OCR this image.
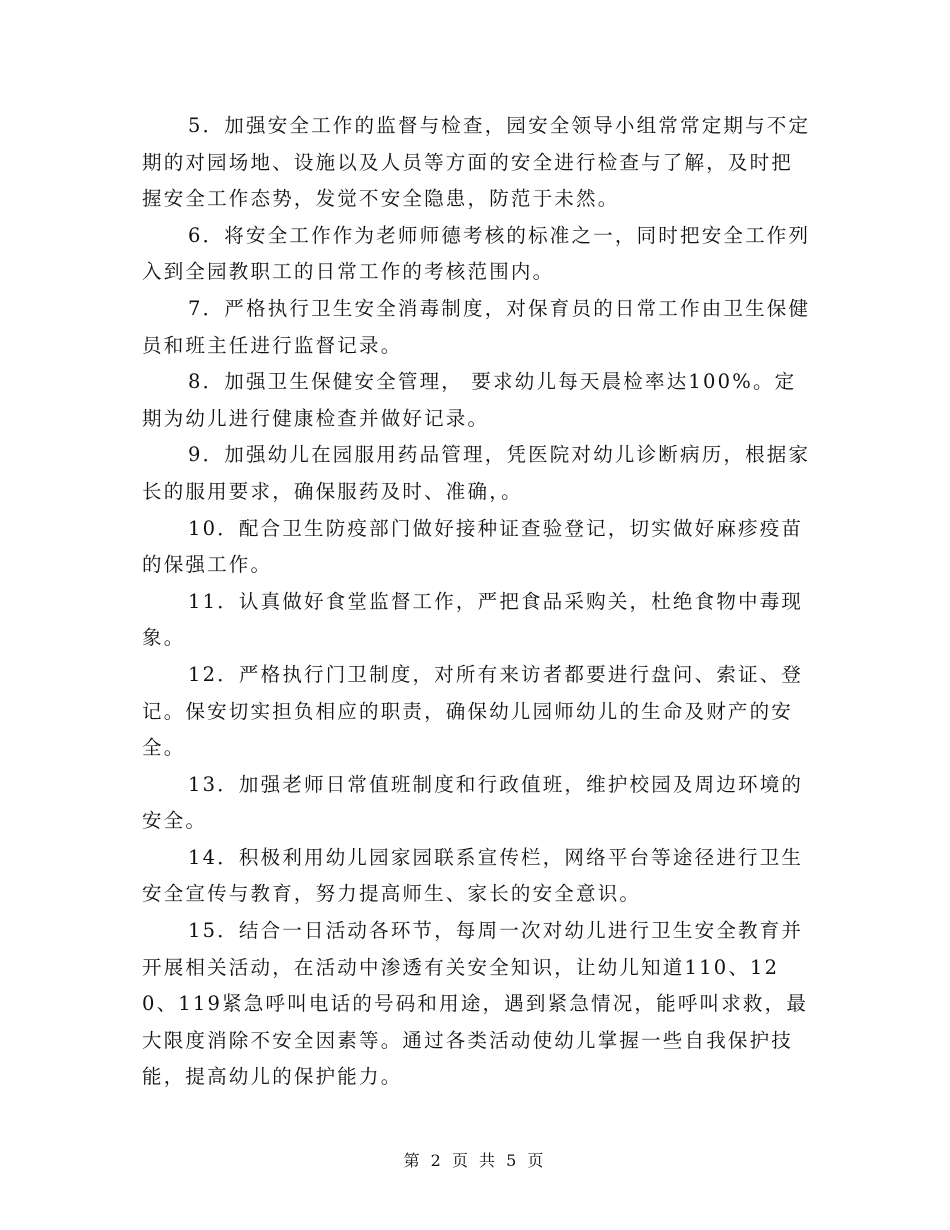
5．加强安全工作的监督与检查，园安全领导小组常常定期与不定期的对园场地、设施以及人员等方面的安全进行检查与了解，及时把握安全工作态势，发觉不安全隐患，防范于未然。

6．将安全工作作为老师师德考核的标准之一，同时把安全工作列入到全园教职工的日常工作的考核范围内。

7．严格执行卫生安全消毒制度，对保育员的日常工作由卫生保健员和班主任进行监督记录。

8．加强卫生保健安全管理， 要求幼儿每天晨检率达100%。定期为幼儿进行健康检查并做好记录。

9．加强幼儿在园服用药品管理，凭医院对幼儿诊断病历，根据家长的服用要求，确保服药及时、准确，。

10．配合卫生防疫部门做好接种证查验登记，切实做好麻疹疫苗的保强工作。

11．认真做好食堂监督工作，严把食品采购关，杜绝食物中毒现象。

12．严格执行门卫制度，对所有来访者都要进行盘问、索证、登记。保安切实担负相应的职责，确保幼儿园师幼儿的生命及财产的安全。

13．加强老师日常值班制度和行政值班，维护校园及周边环境的安全。

14．积极利用幼儿园家园联系宣传栏，网络平台等途径进行卫生安全宣传与教育，努力提高师生、家长的安全意识。

15．结合一日活动各环节，每周一次对幼儿进行卫生安全教育并开展相关活动，在活动中渗透有关安全知识，让幼儿知道110、120、119紧急呼叫电话的号码和用途，遇到紧急情况，能呼叫求救，最大限度消除不安全因素等。通过各类活动使幼儿掌握一些自我保护技能，提高幼儿的保护能力。

第 2 页 共 5 页
